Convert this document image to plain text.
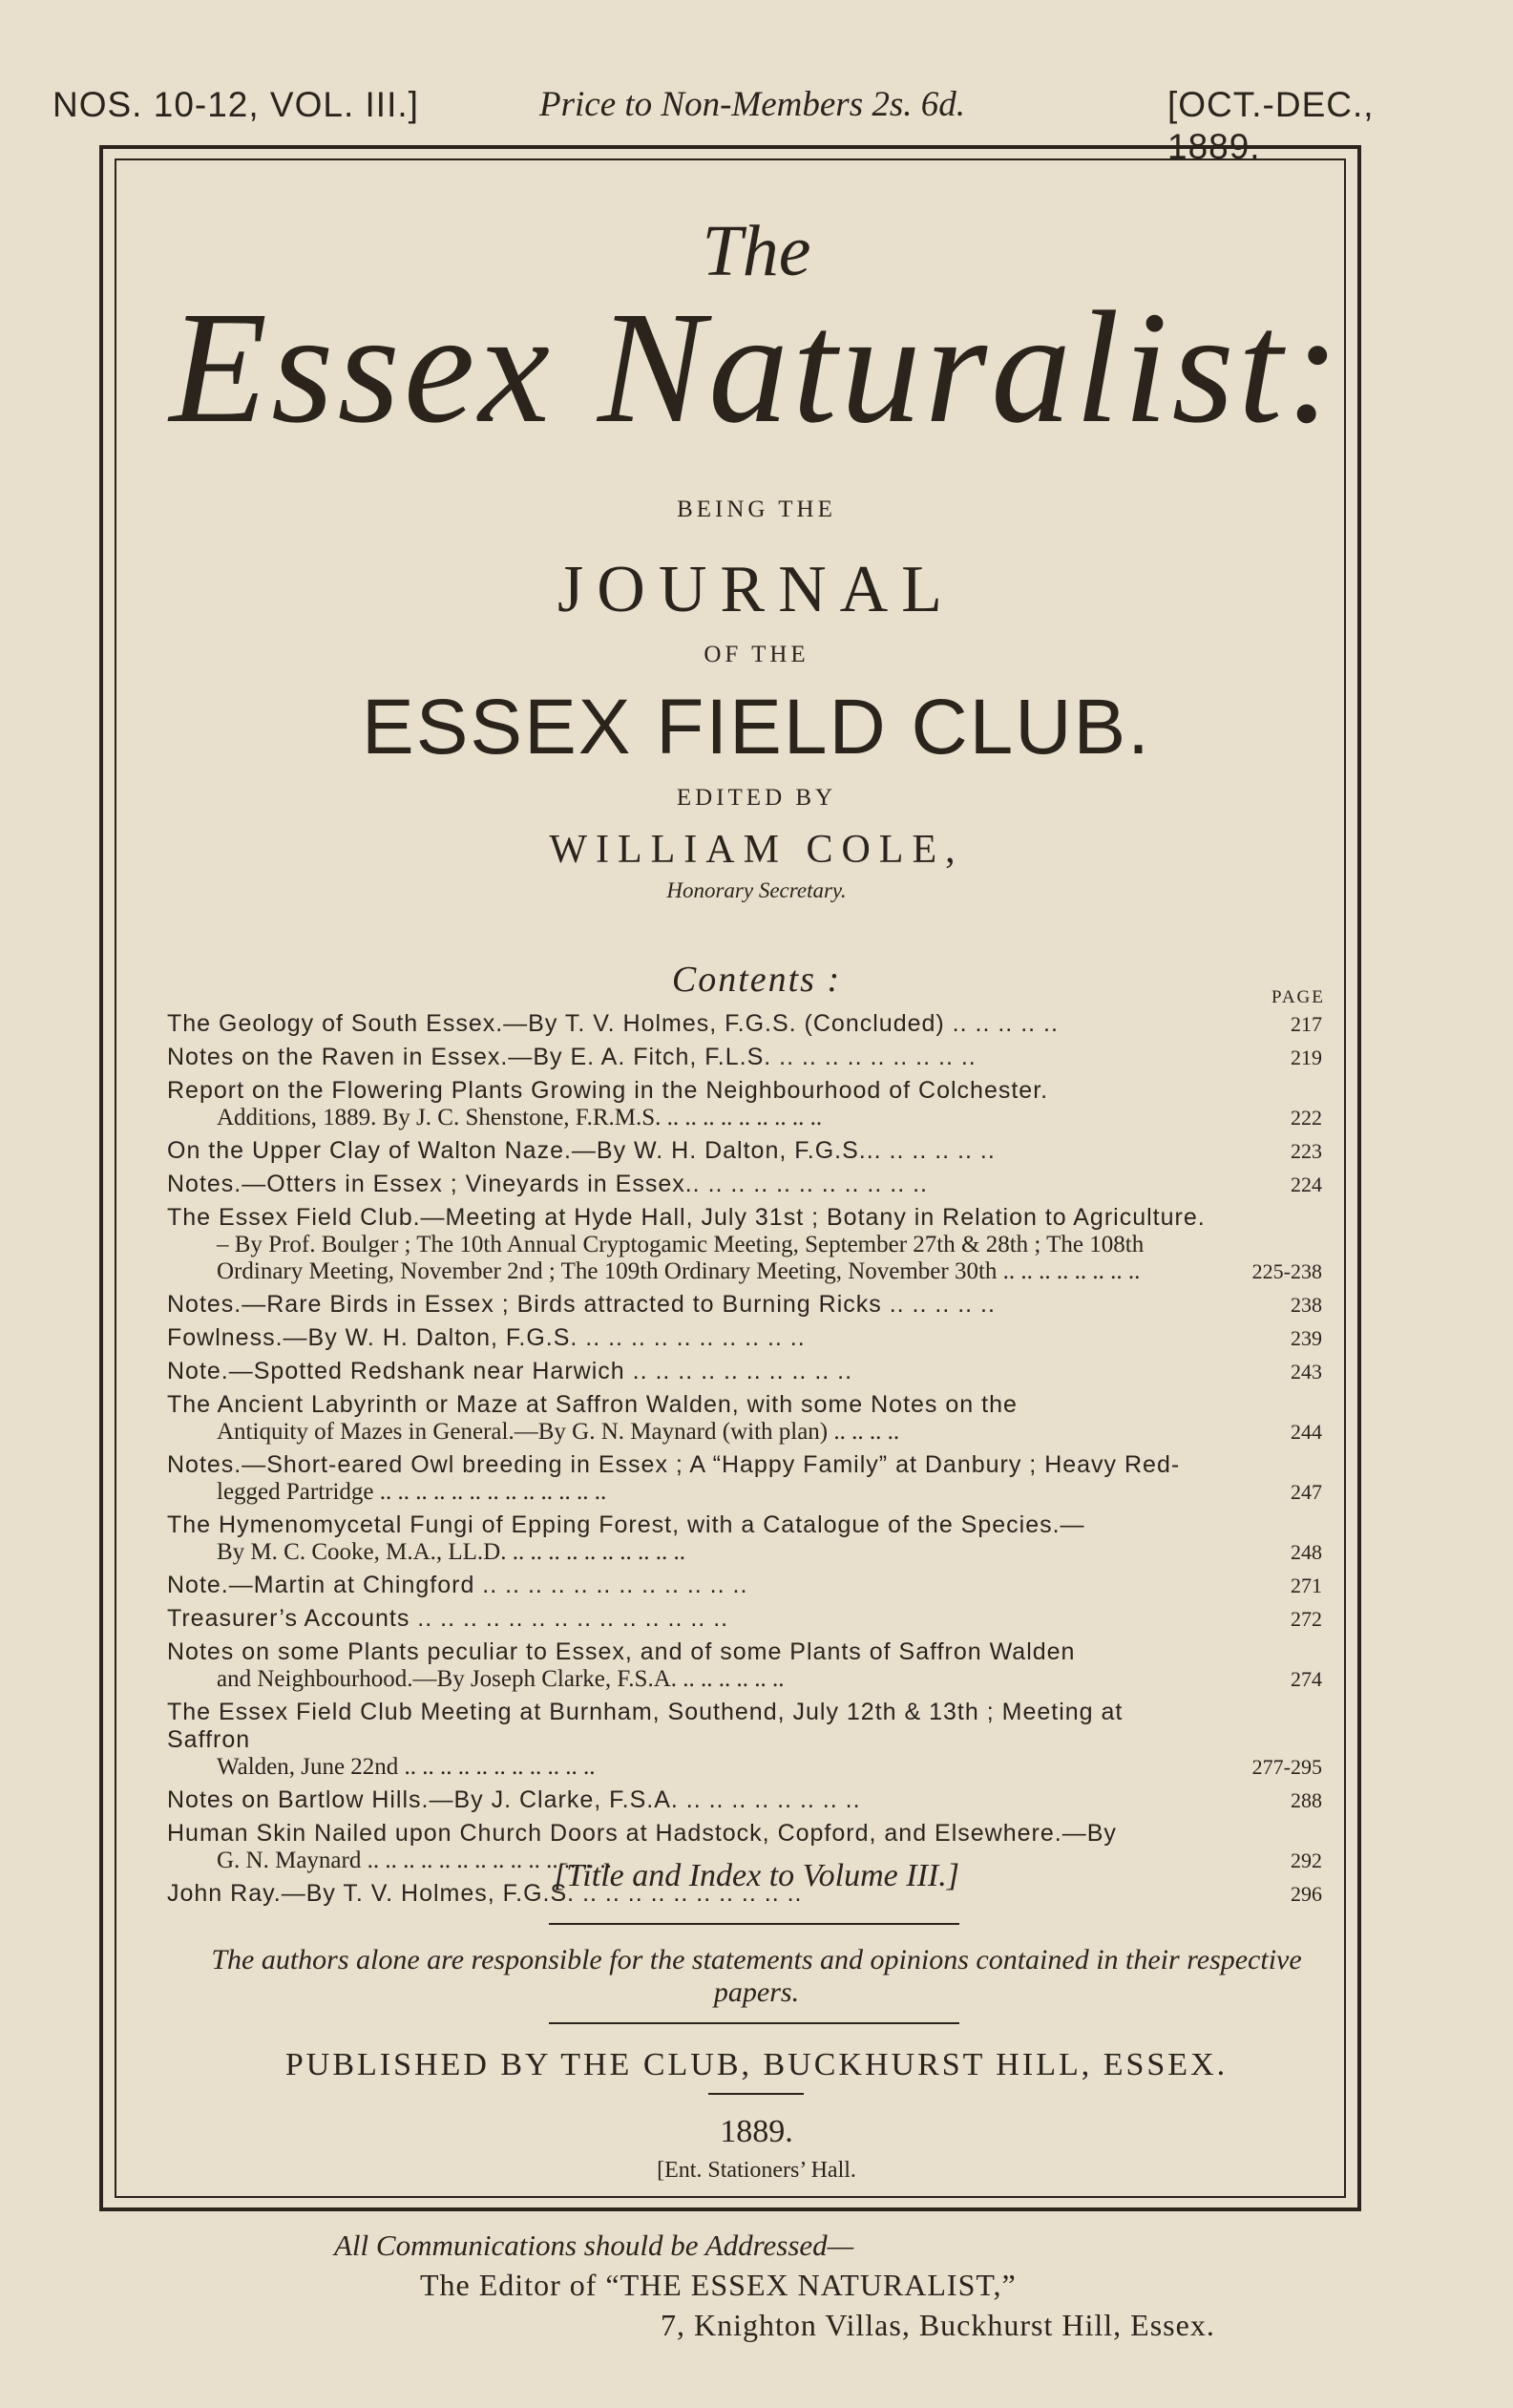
NOS. 10-12, VOL. III.]	Price to Non-Members 2s. 6d.	[OCT.-DEC., 1889.
The
Essex Naturalist:
BEING THE
JOURNAL
OF THE
ESSEX FIELD CLUB.
EDITED BY
WILLIAM COLE,
Honorary Secretary.
Contents :	PAGE
The Geology of South Essex.—By T. V. Holmes, F.G.S. (Concluded) .. .. .. .. ..	217
Notes on the Raven in Essex.—By E. A. Fitch, F.L.S. .. .. .. .. .. .. .. .. ..	219
Report on the Flowering Plants Growing in the Neighbourhood of Colchester.
Additions, 1889. By J. C. Shenstone, F.R.M.S. .. .. .. .. .. .. .. .. ..	222
On the Upper Clay of Walton Naze.—By W. H. Dalton, F.G.S... .. .. .. .. ..	223
Notes.—Otters in Essex ; Vineyards in Essex.. .. .. .. .. .. .. .. .. .. ..	224
The Essex Field Club.—Meeting at Hyde Hall, July 31st ; Botany in Relation to Agriculture.
– By Prof. Boulger ; The 10th Annual Cryptogamic Meeting, September 27th & 28th ; The 108th Ordinary Meeting, November 2nd ; The 109th Ordinary Meeting, November 30th .. .. .. .. .. .. .. ..	225-238
Notes.—Rare Birds in Essex ; Birds attracted to Burning Ricks .. .. .. .. ..	238
Fowlness.—By W. H. Dalton, F.G.S. .. .. .. .. .. .. .. .. .. ..	239
Note.—Spotted Redshank near Harwich .. .. .. .. .. .. .. .. .. ..	243
The Ancient Labyrinth or Maze at Saffron Walden, with some Notes on the
Antiquity of Mazes in General.—By G. N. Maynard (with plan) .. .. .. ..	244
Notes.—Short-eared Owl breeding in Essex ; A “Happy Family” at Danbury ; Heavy Red-
legged Partridge .. .. .. .. .. .. .. .. .. .. .. .. ..	247
The Hymenomycetal Fungi of Epping Forest, with a Catalogue of the Species.—
By M. C. Cooke, M.A., LL.D. .. .. .. .. .. .. .. .. .. ..	248
Note.—Martin at Chingford .. .. .. .. .. .. .. .. .. .. .. ..	271
Treasurer’s Accounts .. .. .. .. .. .. .. .. .. .. .. .. .. ..	272
Notes on some Plants peculiar to Essex, and of some Plants of Saffron Walden
and Neighbourhood.—By Joseph Clarke, F.S.A. .. .. .. .. .. ..	274
The Essex Field Club Meeting at Burnham, Southend, July 12th & 13th ; Meeting at Saffron
Walden, June 22nd .. .. .. .. .. .. .. .. .. .. ..	277-295
Notes on Bartlow Hills.—By J. Clarke, F.S.A. .. .. .. .. .. .. .. ..	288
Human Skin Nailed upon Church Doors at Hadstock, Copford, and Elsewhere.—By
G. N. Maynard .. .. .. .. .. .. .. .. .. .. .. .. .. ..	292
John Ray.—By T. V. Holmes, F.G.S. .. .. .. .. .. .. .. .. .. ..	296
[Title and Index to Volume III.]
The authors alone are responsible for the statements and opinions contained in their respective papers.
PUBLISHED BY THE CLUB, BUCKHURST HILL, ESSEX.
1889.
[Ent. Stationers’ Hall.
All Communications should be Addressed—
The Editor of “THE ESSEX NATURALIST,”
7, Knighton Villas, Buckhurst Hill, Essex.
